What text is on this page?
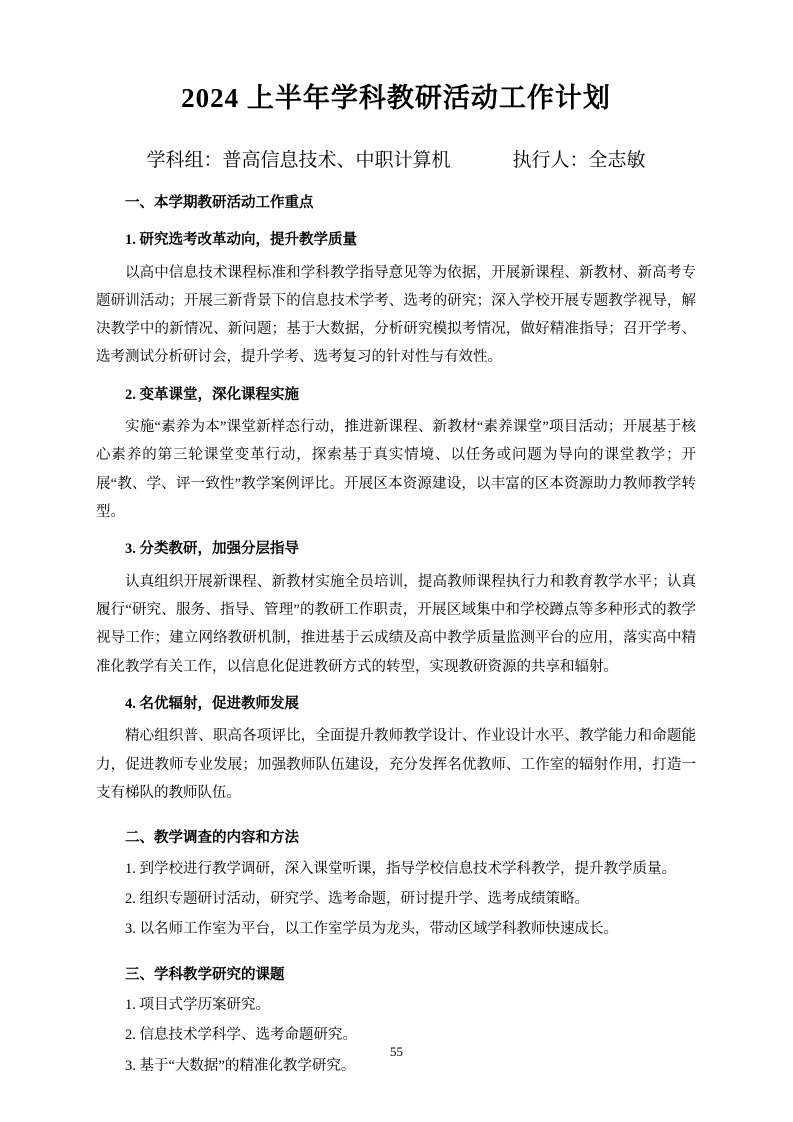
2024 上半年学科教研活动工作计划
学科组：普高信息技术、中职计算机	执行人：全志敏
一、本学期教研活动工作重点
1. 研究选考改革动向，提升教学质量

以高中信息技术课程标准和学科教学指导意见等为依据，开展新课程、新教材、新高考专题研训活动；开展三新背景下的信息技术学考、选考的研究；深入学校开展专题教学视导，解决教学中的新情况、新问题；基于大数据，分析研究模拟考情况，做好精准指导；召开学考、选考测试分析研讨会，提升学考、选考复习的针对性与有效性。

2. 变革课堂，深化课程实施

实施“素养为本”课堂新样态行动，推进新课程、新教材“素养课堂”项目活动；开展基于核心素养的第三轮课堂变革行动，探索基于真实情境、以任务或问题为导向的课堂教学；开展“教、学、评一致性”教学案例评比。开展区本资源建设，以丰富的区本资源助力教师教学转型。

3. 分类教研，加强分层指导

认真组织开展新课程、新教材实施全员培训，提高教师课程执行力和教育教学水平；认真履行“研究、服务、指导、管理”的教研工作职责，开展区域集中和学校蹲点等多种形式的教学视导工作；建立网络教研机制，推进基于云成绩及高中教学质量监测平台的应用，落实高中精准化教学有关工作，以信息化促进教研方式的转型，实现教研资源的共享和辐射。

4. 名优辐射，促进教师发展

精心组织普、职高各项评比，全面提升教师教学设计、作业设计水平、教学能力和命题能力，促进教师专业发展；加强教师队伍建设，充分发挥名优教师、工作室的辐射作用，打造一支有梯队的教师队伍。

二、教学调查的内容和方法

1. 到学校进行教学调研，深入课堂听课，指导学校信息技术学科教学，提升教学质量。

2. 组织专题研讨活动，研究学、选考命题，研讨提升学、选考成绩策略。

3. 以名师工作室为平台，以工作室学员为龙头，带动区域学科教师快速成长。

三、学科教学研究的课题

1. 项目式学历案研究。

2. 信息技术学科学、选考命题研究。

3. 基于“大数据”的精准化教学研究。

55
